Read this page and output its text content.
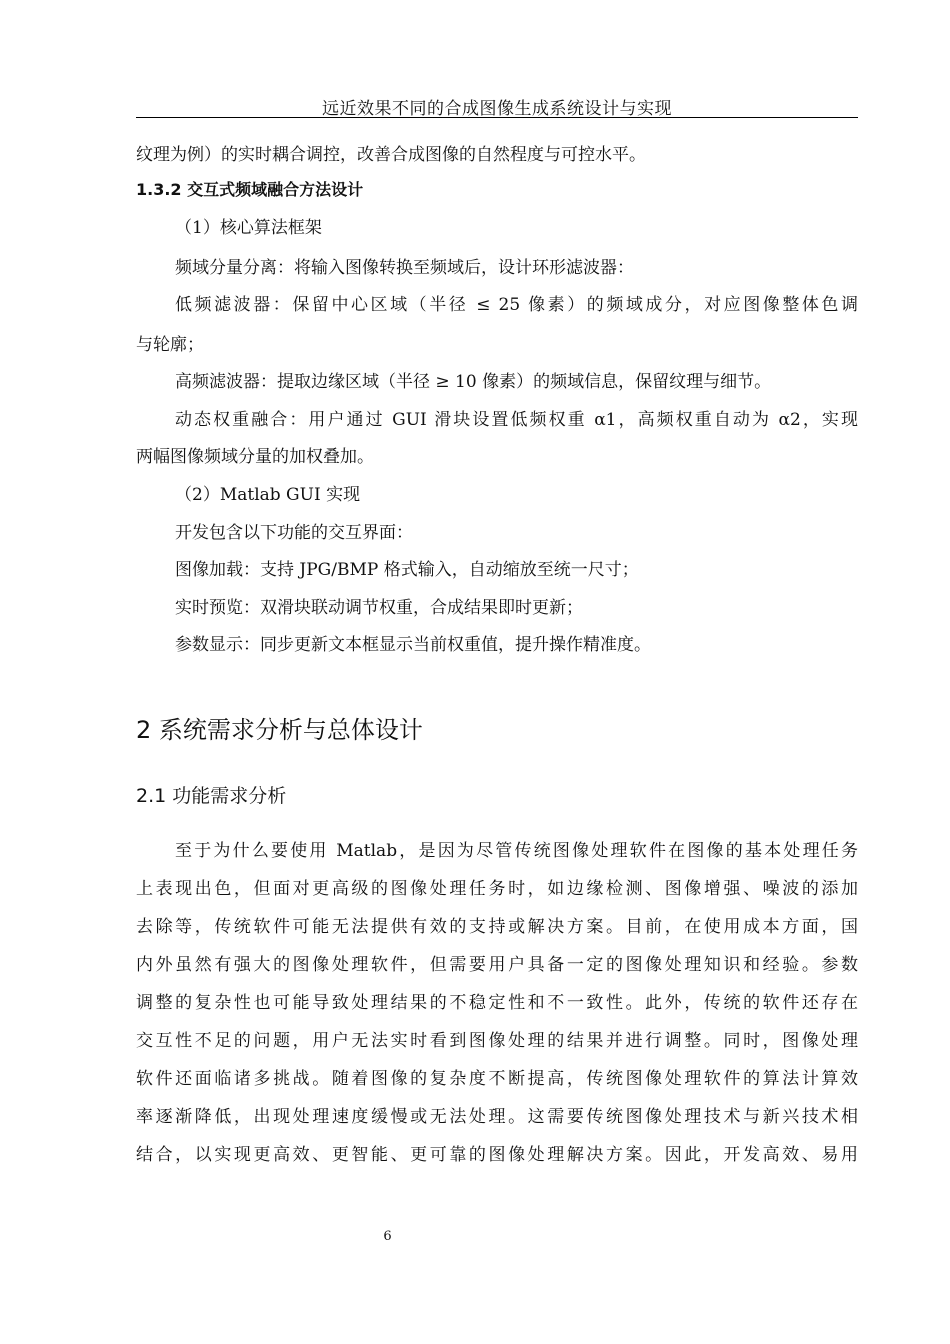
远近效果不同的合成图像生成系统设计与实现
纹理为例）的实时耦合调控，改善合成图像的自然程度与可控水平。
1.3.2 交互式频域融合方法设计
（1）核心算法框架
频域分量分离：将输入图像转换至频域后，设计环形滤波器：
低频滤波器：保留中心区域（半径 ≤ 25 像素）的频域成分，对应图像整体色调
与轮廓；
高频滤波器：提取边缘区域（半径 ≥ 10 像素）的频域信息，保留纹理与细节。
动态权重融合：用户通过 GUI 滑块设置低频权重 α1，高频权重自动为 α2，实现
两幅图像频域分量的加权叠加。
（2）Matlab GUI 实现
开发包含以下功能的交互界面：
图像加载：支持 JPG/BMP 格式输入，自动缩放至统一尺寸；
实时预览：双滑块联动调节权重，合成结果即时更新；
参数显示：同步更新文本框显示当前权重值，提升操作精准度。
2 系统需求分析与总体设计
2.1 功能需求分析
至于为什么要使用 Matlab，是因为尽管传统图像处理软件在图像的基本处理任务
上表现出色，但面对更高级的图像处理任务时，如边缘检测、图像增强、噪波的添加
去除等，传统软件可能无法提供有效的支持或解决方案。目前，在使用成本方面，国
内外虽然有强大的图像处理软件，但需要用户具备一定的图像处理知识和经验。参数
调整的复杂性也可能导致处理结果的不稳定性和不一致性。此外，传统的软件还存在
交互性不足的问题，用户无法实时看到图像处理的结果并进行调整。同时，图像处理
软件还面临诸多挑战。随着图像的复杂度不断提高，传统图像处理软件的算法计算效
率逐渐降低，出现处理速度缓慢或无法处理。这需要传统图像处理技术与新兴技术相
结合，以实现更高效、更智能、更可靠的图像处理解决方案。因此，开发高效、易用
6
